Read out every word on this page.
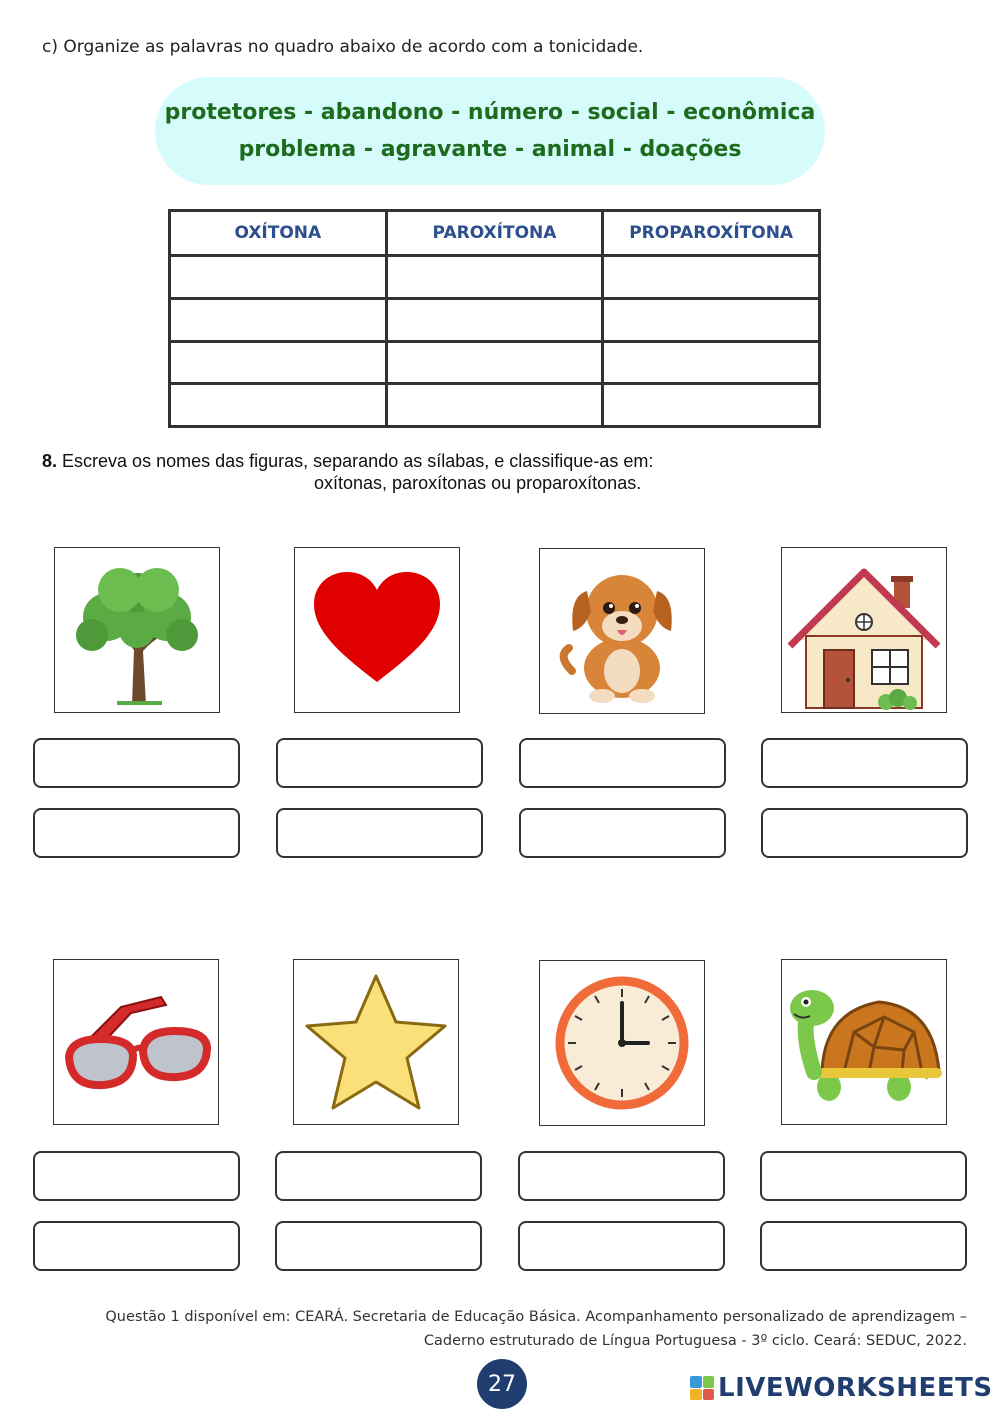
c) Organize as palavras no quadro abaixo de acordo com a tonicidade.
protetores - abandono - número - social - econômica
problema - agravante - animal - doações
OXÍTONA	PAROXÍTONA	PROPAROXÍTONA

8. Escreva os nomes das figuras, separando as sílabas, e classifique-as em:
oxítonas, paroxítonas ou proparoxítonas.
Questão 1 disponível em: CEARÁ. Secretaria de Educação Básica. Acompanhamento personalizado de aprendizagem –
Caderno estruturado de Língua Portuguesa - 3º ciclo. Ceará: SEDUC, 2022.
27	LIVEWORKSHEETS
